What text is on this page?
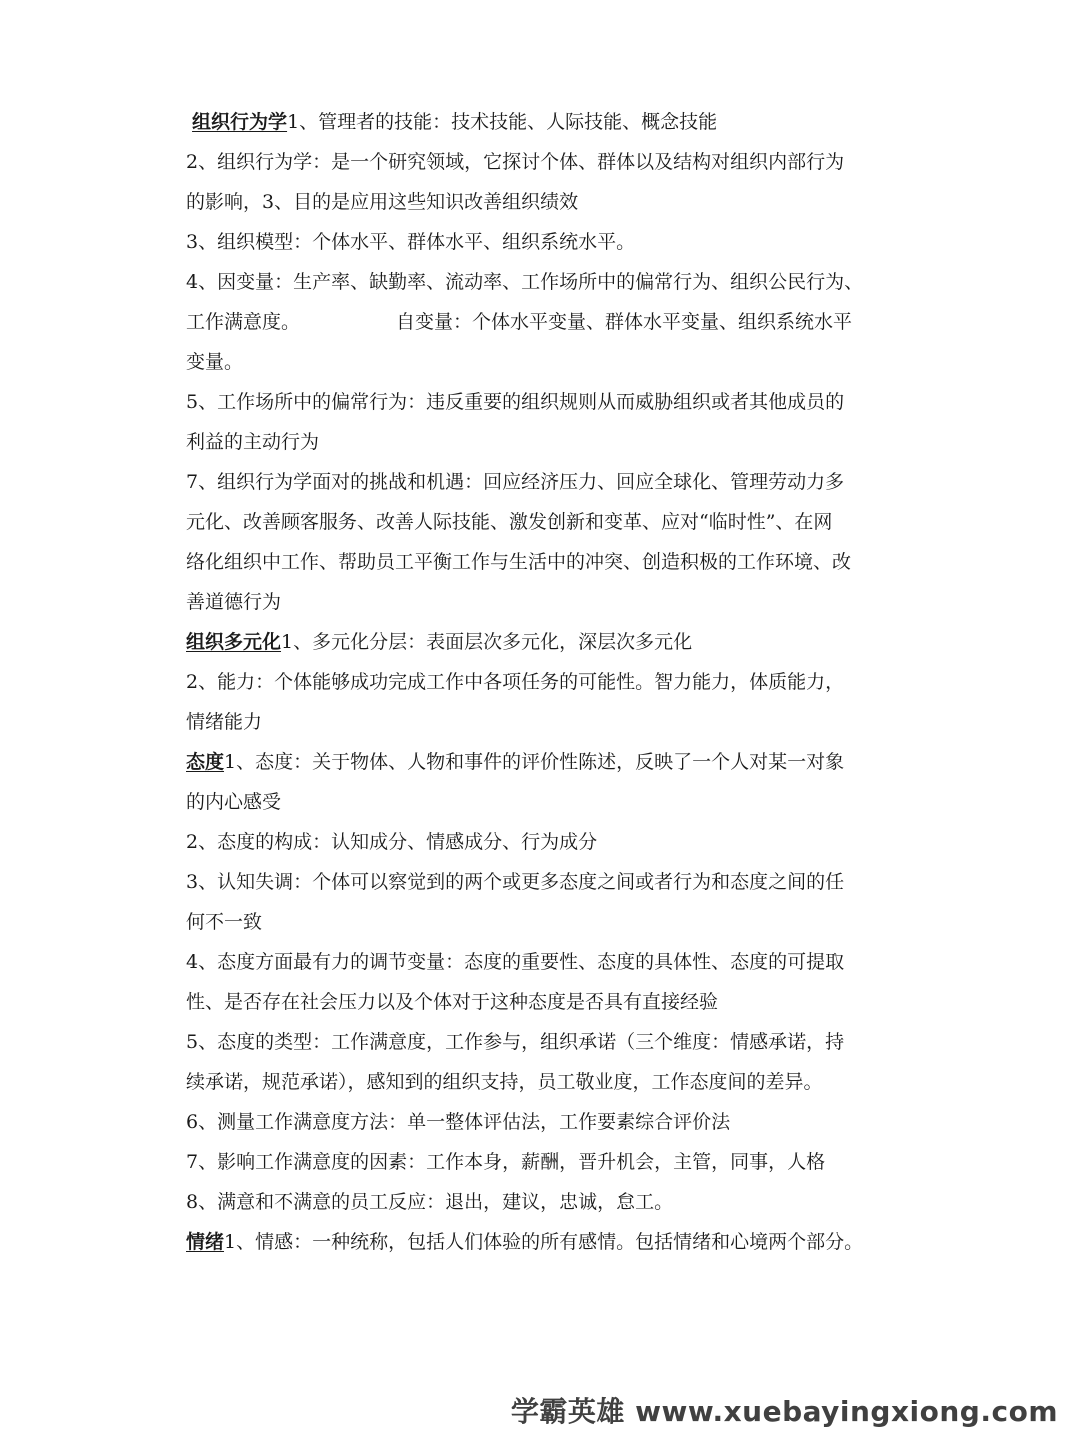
组织行为学1、管理者的技能：技术技能、人际技能、概念技能

2、组织行为学：是一个研究领域，它探讨个体、群体以及结构对组织内部行为

的影响，3、目的是应用这些知识改善组织绩效

3、组织模型：个体水平、群体水平、组织系统水平。

4、因变量：生产率、缺勤率、流动率、工作场所中的偏常行为、组织公民行为、

工作满意度。	自变量：个体水平变量、群体水平变量、组织系统水平

变量。

5、工作场所中的偏常行为：违反重要的组织规则从而威胁组织或者其他成员的

利益的主动行为

7、组织行为学面对的挑战和机遇：回应经济压力、回应全球化、管理劳动力多

元化、改善顾客服务、改善人际技能、激发创新和变革、应对“临时性”、在网

络化组织中工作、帮助员工平衡工作与生活中的冲突、创造积极的工作环境、改

善道德行为

组织多元化1、多元化分层：表面层次多元化，深层次多元化

2、能力：个体能够成功完成工作中各项任务的可能性。智力能力，体质能力，

情绪能力

态度1、态度：关于物体、人物和事件的评价性陈述，反映了一个人对某一对象

的内心感受

2、态度的构成：认知成分、情感成分、行为成分

3、认知失调：个体可以察觉到的两个或更多态度之间或者行为和态度之间的任

何不一致

4、态度方面最有力的调节变量：态度的重要性、态度的具体性、态度的可提取

性、是否存在社会压力以及个体对于这种态度是否具有直接经验

5、态度的类型：工作满意度，工作参与，组织承诺（三个维度：情感承诺，持

续承诺，规范承诺），感知到的组织支持，员工敬业度，工作态度间的差异。

6、测量工作满意度方法：单一整体评估法，工作要素综合评价法

7、影响工作满意度的因素：工作本身，薪酬，晋升机会，主管，同事，人格

8、满意和不满意的员工反应：退出，建议，忠诚，怠工。

情绪1、情感：一种统称，包括人们体验的所有感情。包括情绪和心境两个部分。

学霸英雄 www.xuebayingxiong.com
